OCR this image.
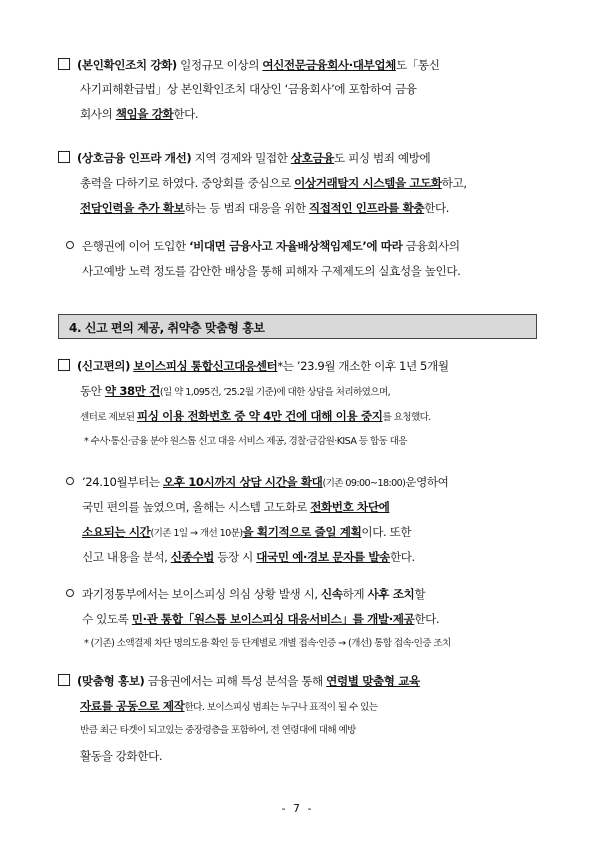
(본인확인조치 강화) 일정규모 이상의 여신전문금융회사·대부업체도「통신
사기피해환급법」상 본인확인조치 대상인 ‘금융회사’에 포함하여 금융
회사의 책임을 강화한다.
(상호금융 인프라 개선) 지역 경제와 밀접한 상호금융도 피싱 범죄 예방에
총력을 다하기로 하였다. 중앙회를 중심으로 이상거래탐지 시스템을 고도화하고,
전담인력을 추가 확보하는 등 범죄 대응을 위한 직접적인 인프라를 확충한다.
은행권에 이어 도입한 ‘비대면 금융사고 자율배상책임제도’에 따라 금융회사의
사고예방 노력 정도를 감안한 배상을 통해 피해자 구제제도의 실효성을 높인다.
4. 신고 편의 제공, 취약층 맞춤형 홍보
(신고편의) 보이스피싱 통합신고대응센터*는 ’23.9월 개소한 이후 1년 5개월
동안 약 38만 건(일 약 1,095건, ’25.2월 기준)에 대한 상담을 처리하였으며,
센터로 제보된 피싱 이용 전화번호 중 약 4만 건에 대해 이용 중지를 요청했다.
* 수사·통신·금융 분야 원스톱 신고 대응 서비스 제공, 경찰·금감원·KISA 등 합동 대응
’24.10월부터는 오후 10시까지 상담 시간을 확대(기존 09:00~18:00)운영하여
국민 편의를 높였으며, 올해는 시스템 고도화로 전화번호 차단에
소요되는 시간(기존 1일 → 개선 10분)을 획기적으로 줄일 계획이다. 또한
신고 내용을 분석, 신종수법 등장 시 대국민 예·경보 문자를 발송한다.
과기정통부에서는 보이스피싱 의심 상황 발생 시, 신속하게 사후 조치할
수 있도록 민·관 통합「원스톱 보이스피싱 대응서비스」를 개발·제공한다.
* (기존) 소액결제 차단 명의도용 확인 등 단계별로 개별 접속·인증 → (개선) 통합 접속·인증 조치
(맞춤형 홍보) 금융권에서는 피해 특성 분석을 통해 연령별 맞춤형 교육
자료를 공동으로 제작한다. 보이스피싱 범죄는 누구나 표적이 될 수 있는
반큼 최근 타겟이 되고있는 중장령층을 포함하여, 전 연령대에 대해 예방
활동을 강화한다.
- 7 -
